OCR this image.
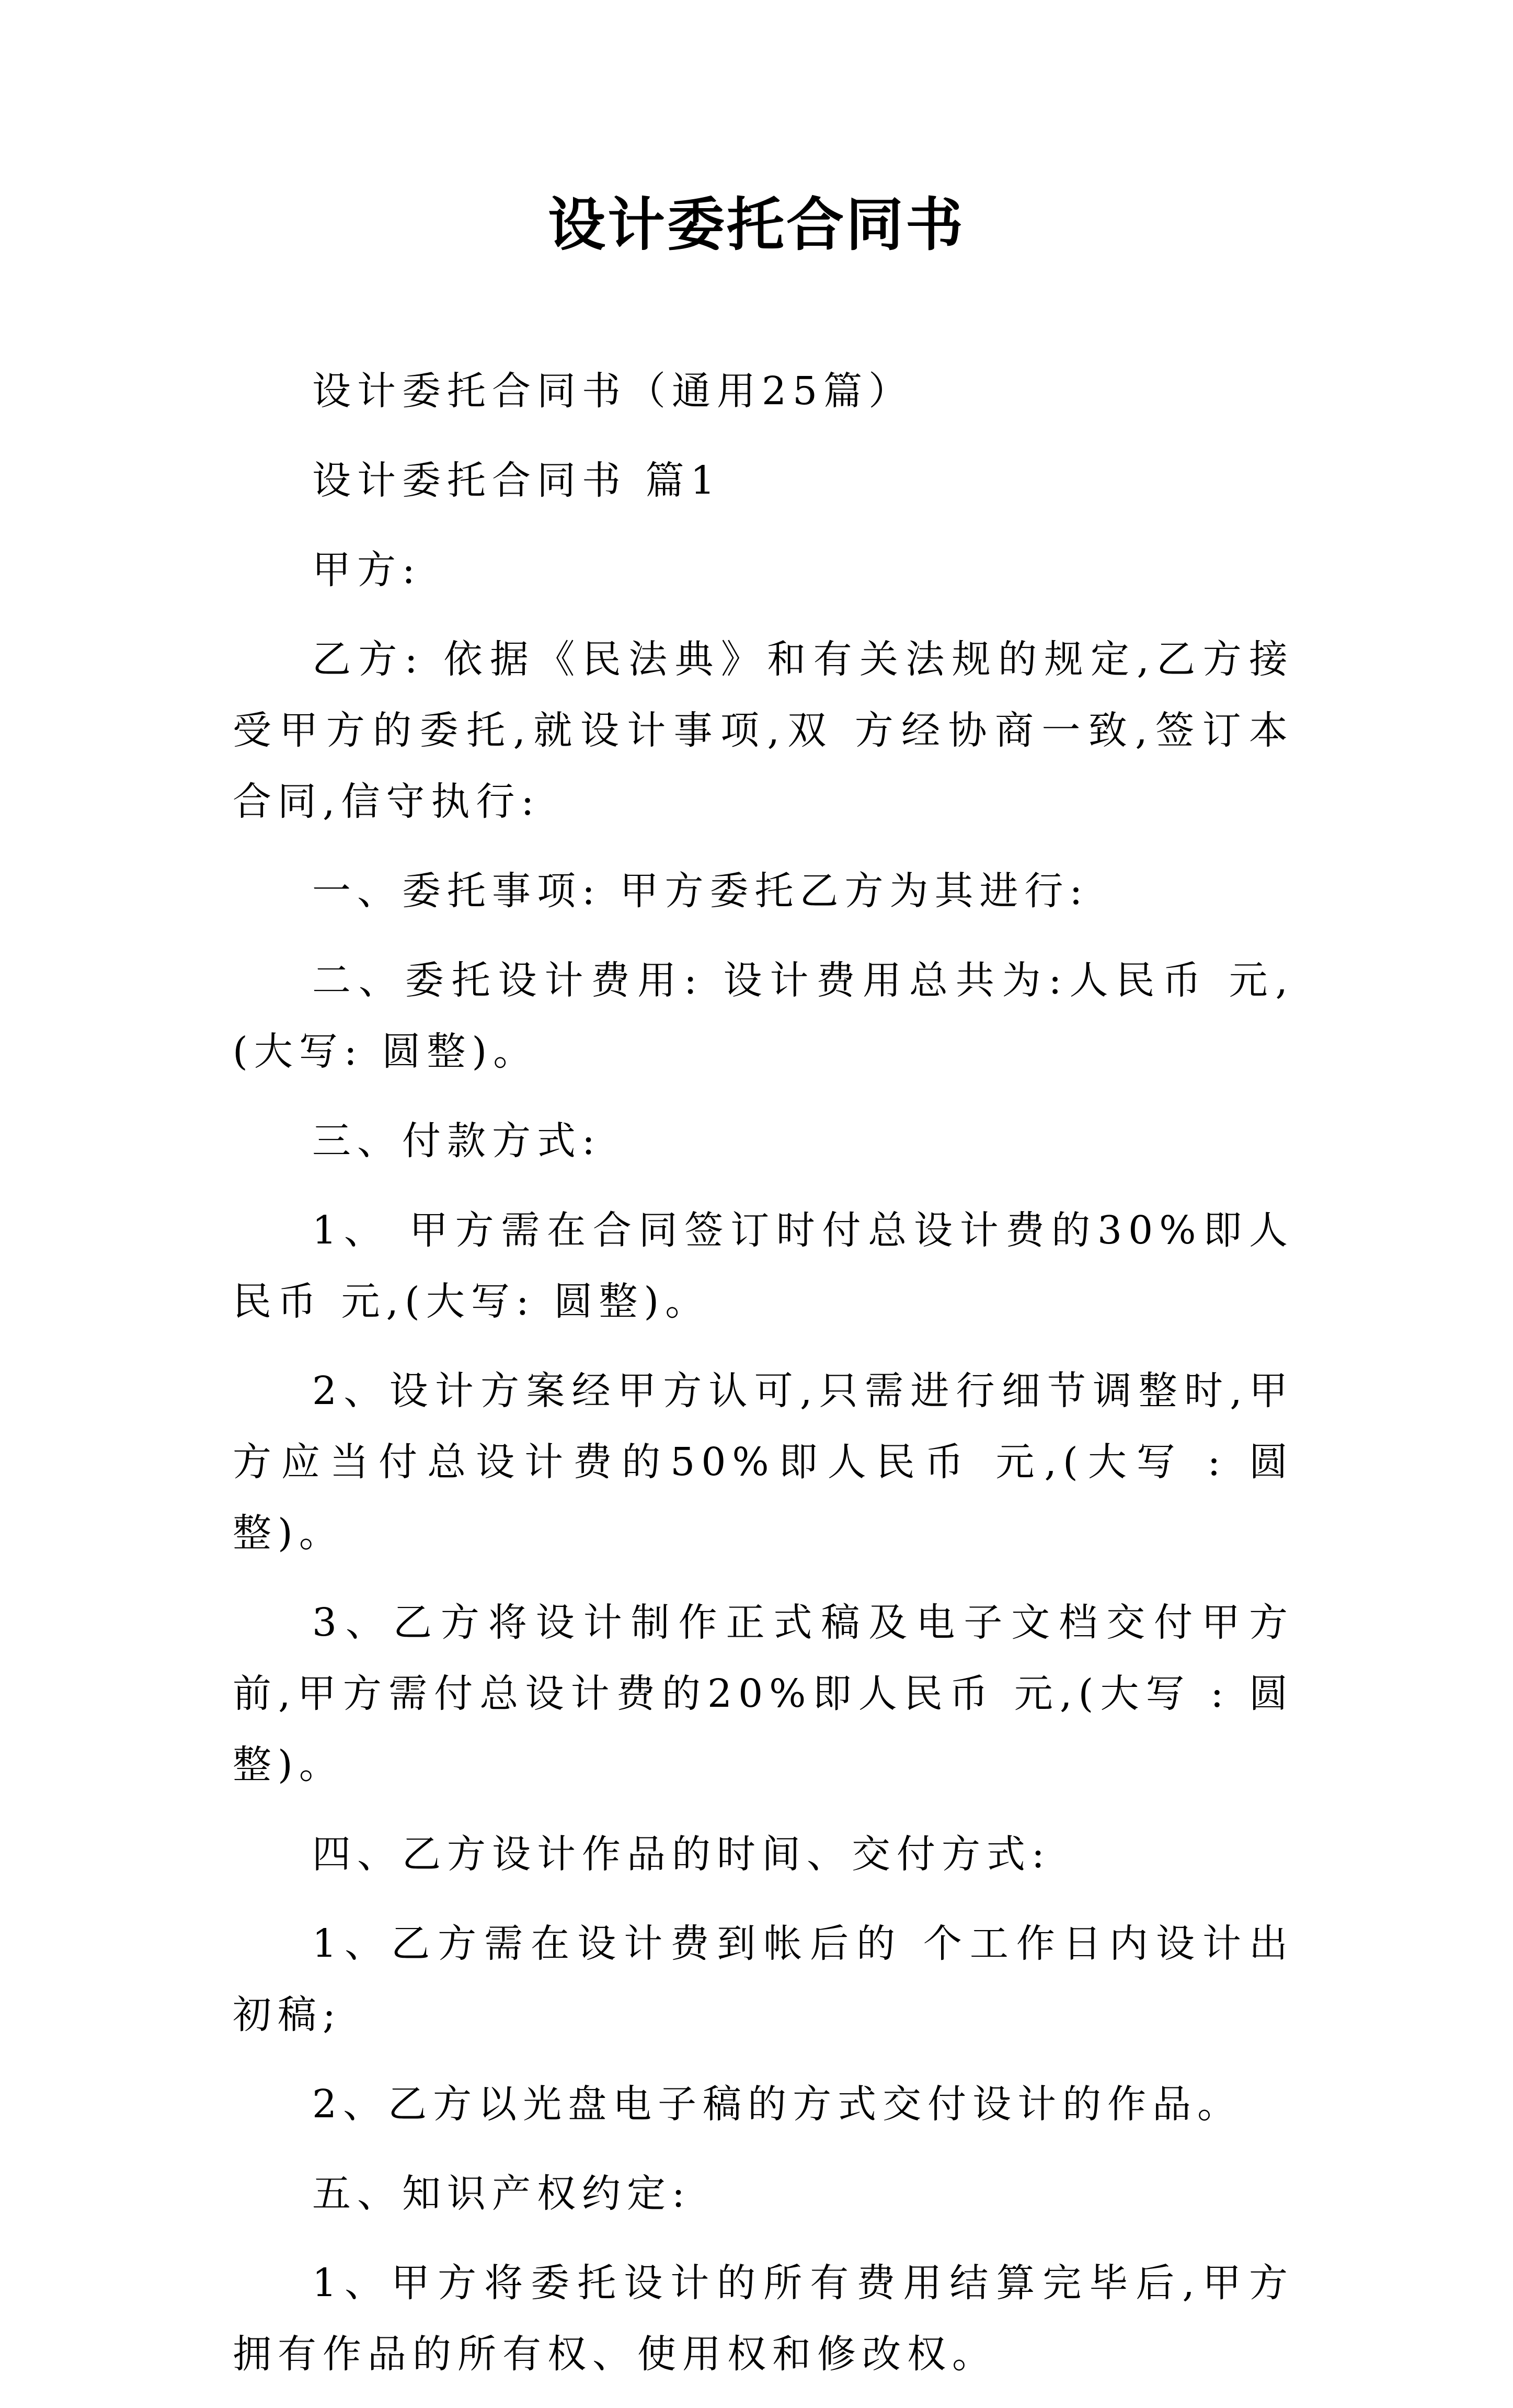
设计委托合同书

设计委托合同书（通用25篇）

设计委托合同书 篇1

甲方:

乙方: 依据《民法典》和有关法规的规定,乙方接受甲方的委托,就设计事项,双 方经协商一致,签订本合同,信守执行:

一、委托事项: 甲方委托乙方为其进行:

二、委托设计费用: 设计费用总共为:人民币 元,(大写: 圆整)。

三、付款方式:

1、 甲方需在合同签订时付总设计费的30%即人民币 元,(大写: 圆整)。

2、设计方案经甲方认可,只需进行细节调整时,甲方应当付总设计费的50%即人民币 元,(大写 : 圆整)。

3、乙方将设计制作正式稿及电子文档交付甲方前,甲方需付总设计费的20%即人民币 元,(大写 : 圆整)。

四、乙方设计作品的时间、交付方式:

1、乙方需在设计费到帐后的 个工作日内设计出初稿;

2、乙方以光盘电子稿的方式交付设计的作品。

五、知识产权约定:

1、甲方将委托设计的所有费用结算完毕后,甲方拥有作品的所有权、使用权和修改权。
